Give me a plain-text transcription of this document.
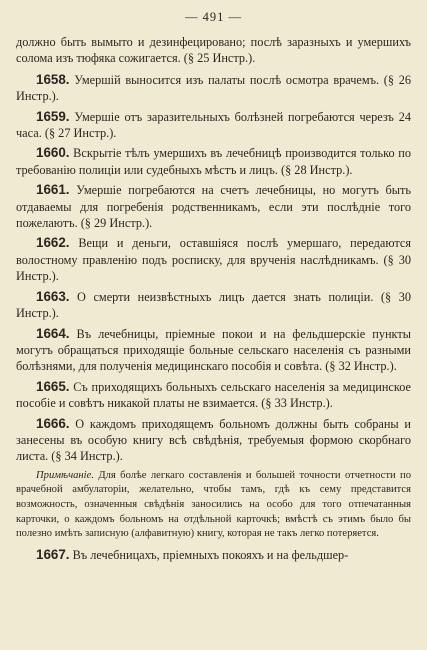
— 491 —

должно быть вымыто и дезинфецировано; послѣ заразныхъ и умершихъ солома изъ тюфяка сожигается. (§ 25 Инстр.).

1658. Умершій выносится изъ палаты послѣ осмотра врачемъ. (§ 26 Инстр.).

1659. Умершіе отъ заразительныхъ болѣзней погребаются черезъ 24 часа. (§ 27 Инстр.).

1660. Вскрытіе тѣлъ умершихъ въ лечебницѣ производится только по требованію полиціи или судебныхъ мѣстъ и лицъ. (§ 28 Инстр.).

1661. Умершіе погребаются на счетъ лечебницы, но могутъ быть отдаваемы для погребенія родственникамъ, если эти послѣдніе того пожелаютъ. (§ 29 Инстр.).

1662. Вещи и деньги, оставшіяся послѣ умершаго, передаются волостному правленію подъ росписку, для врученія наслѣдникамъ. (§ 30 Инстр.).

1663. О смерти неизвѣстныхъ лицъ дается знать полиціи. (§ 30 Инстр.).

1664. Въ лечебницы, пріемные покои и на фельдшерскіе пункты могутъ обращаться приходящіе больные сельскаго населенія съ разными болѣзнями, для полученія медицинскаго пособія и совѣта. (§ 32 Инстр.).

1665. Съ приходящихъ больныхъ сельскаго населенія за медицинское пособіе и совѣтъ никакой платы не взимается. (§ 33 Инстр.).

1666. О каждомъ приходящемъ больномъ должны быть собраны и занесены въ особую книгу всѣ свѣдѣнія, требуемыя формою скорбнаго листа. (§ 34 Инстр.).

Примѣчаніе. Для болѣе легкаго составленія и большей точности отчетности по врачебной амбулаторіи, желательно, чтобы тамъ, гдѣ къ сему представится возможность, означенныя свѣдѣнія заносились на особо для того отпечатанныя карточки, о каждомъ больномъ на отдѣльной карточкѣ; вмѣстѣ съ этимъ было бы полезно имѣть записную (алфавитную) книгу, которая не такъ легко потеряется.

1667. Въ лечебницахъ, пріемныхъ покояхъ и на фельдшер-
